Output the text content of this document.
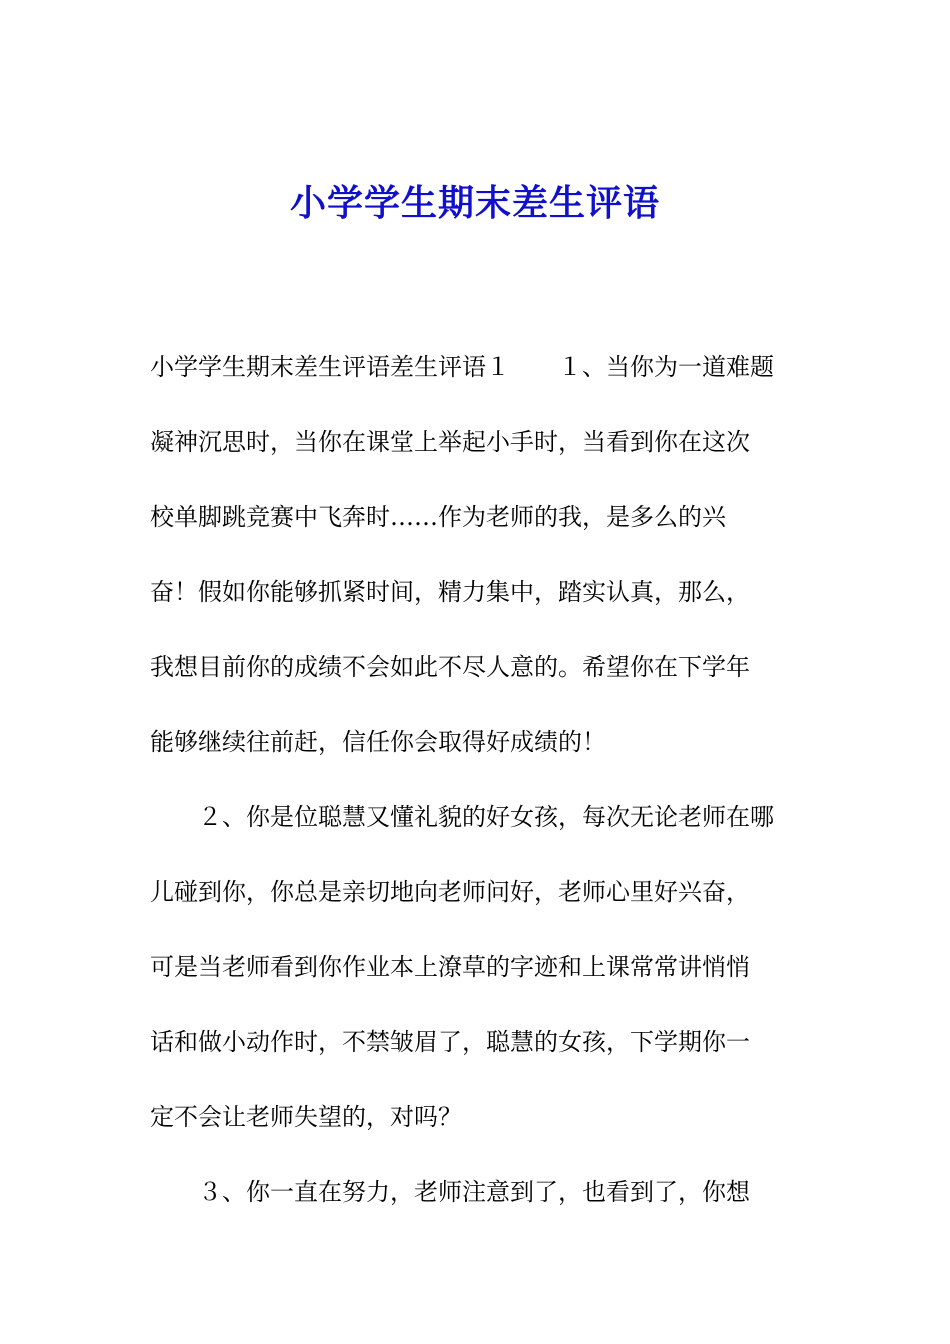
小学学生期末差生评语
小学学生期末差生评语差生评语１　　１、当你为一道难题
凝神沉思时，当你在课堂上举起小手时，当看到你在这次
校单脚跳竞赛中飞奔时……作为老师的我，是多么的兴
奋！假如你能够抓紧时间，精力集中，踏实认真，那么，
我想目前你的成绩不会如此不尽人意的。希望你在下学年
能够继续往前赶，信任你会取得好成绩的！
　　２、你是位聪慧又懂礼貌的好女孩，每次无论老师在哪
儿碰到你，你总是亲切地向老师问好，老师心里好兴奋，
可是当老师看到你作业本上潦草的字迹和上课常常讲悄悄
话和做小动作时，不禁皱眉了，聪慧的女孩，下学期你一
定不会让老师失望的，对吗？
　　３、你一直在努力，老师注意到了，也看到了，你想
